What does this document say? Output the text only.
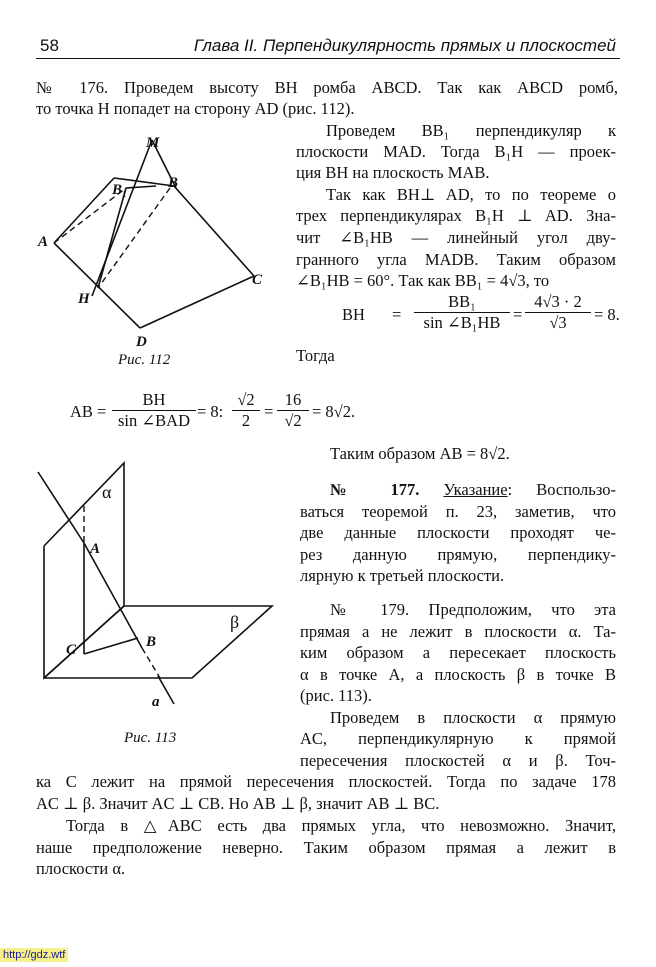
58	Глава II. Перпендикулярность прямых и плоскостей
№ 176. Проведем высоту BH ромба ABCD. Так как ABCD ромб,
то точка H попадет на сторону AD (рис. 112).
Проведем BB₁ перпендикуляр к
плоскости MAD. Тогда B₁H — проек-
ция BH на плоскость MAB.
Так как BH⊥ AD, то по теореме о
трех перпендикулярах B₁H ⊥ AD. Зна-
чит ∠B₁HB — линейный угол дву-
гранного угла MADB. Таким образом
∠B₁HB = 60°. Так как BB₁ = 4√3, то
BH = $\frac{\text{BB₁}}{\text{sin ∠B₁HB}} = \frac{4√3 \cdot 2}{√3} = 8$.
Тогда
AB =
BH
sin ∠BAD = 8: $\frac{√2}{2} = \frac{16}{√2} = 8√2$.
Таким образом AB = 8√2.
M
B₁	B
A
H
C
D
Рис. 112
№ 177. Указание: Воспользо-
ваться теоремой п. 23, заметив, что
две данные плоскости проходят че-
рез данную прямую, перпендику-
лярную к третьей плоскости.
α
β
A
B
C
a
Рис. 113
№ 179. Предположим, что эта
прямая a не лежит в плоскости α. Та-
ким образом a пересекает плоскость
α в точке A, а плоскость β в точке B
(рис. 113).
Проведем в плоскости α прямую
AC, перпендикулярную к прямой
пересечения плоскостей α и β. Точ-
ка C лежит на прямой пересечения плоскостей. Тогда по задаче 178
AC ⊥ β. Значит AC ⊥ CB. Но AB ⊥ β, значит AB ⊥ BC.
Тогда в △ABC есть два прямых угла, что невозможно. Значит,
наше предположение неверно. Таким образом прямая a лежит в
плоскости α.
http://gdz.wtf
